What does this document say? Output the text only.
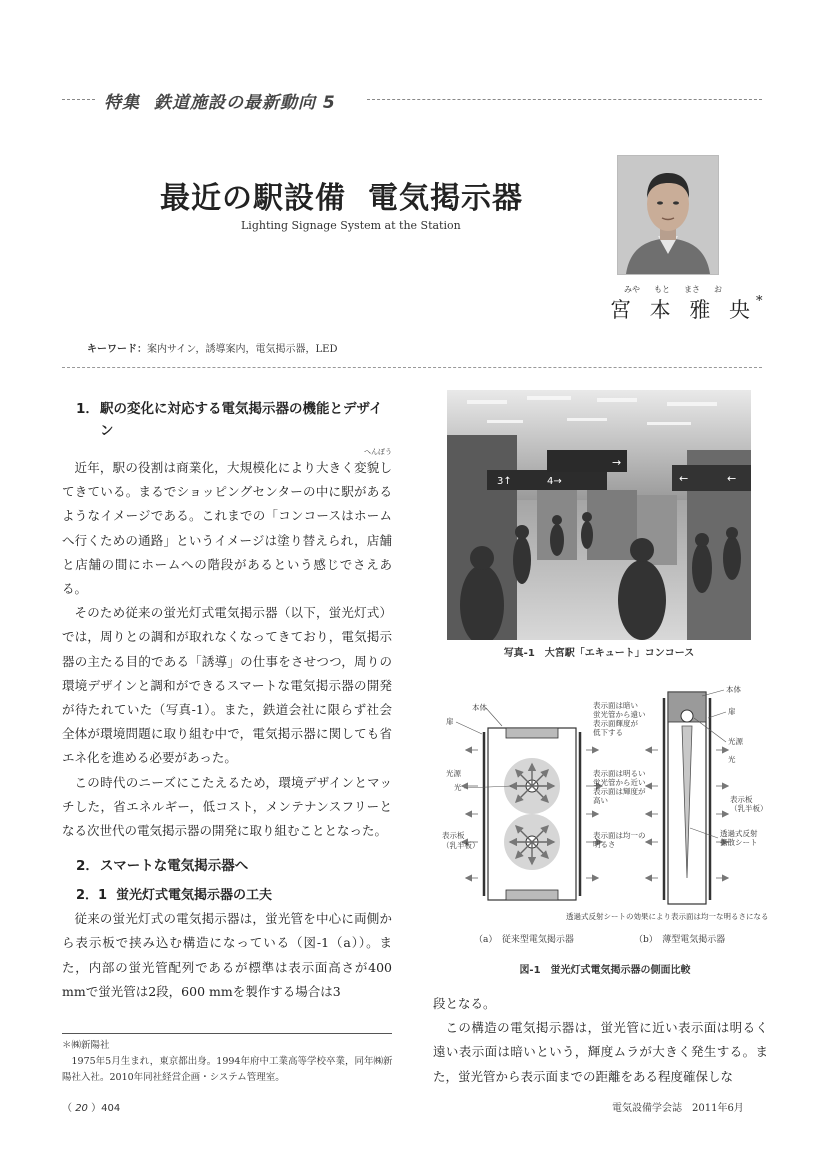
特集 鉄道施設の最新動向 5
最近の駅設備 電気掲示器
Lighting Signage System at the Station
みや もと まさ お
宮 本 雅 央*
キーワード：案内サイン，誘導案内，電気掲示器，LED
1．駅の変化に対応する電気掲示器の機能とデザイン
へんぼう

近年，駅の役割は商業化，大規模化により大きく変貌してきている。まるでショッピングセンターの中に駅があるようなイメージである。これまでの「コンコースはホームへ行くための通路」というイメージは塗り替えられ，店舗と店舗の間にホームへの階段があるという感じでさえある。

そのため従来の蛍光灯式電気掲示器（以下，蛍光灯式）では，周りとの調和が取れなくなってきており，電気掲示器の主たる目的である「誘導」の仕事をさせつつ，周りの環境デザインと調和ができるスマートな電気掲示器の開発が待たれていた（写真-1）。また，鉄道会社に限らず社会全体が環境問題に取り組む中で，電気掲示器に関しても省エネ化を進める必要があった。

この時代のニーズにこたえるため，環境デザインとマッチした，省エネルギー，低コスト，メンテナンスフリーとなる次世代の電気掲示器の開発に取り組むこととなった。

2．スマートな電気掲示器へ
2．1 蛍光灯式電気掲示器の工夫

従来の蛍光灯式の電気掲示器は，蛍光管を中心に両側から表示板で挟み込む構造になっている（図-1（a））。また，内部の蛍光管配列であるが標準は表示面高さが400 mmで蛍光管は2段，600 mmを製作する場合は3

＊㈱新陽社
1975年5月生まれ，東京都出身。1994年府中工業高等学校卒業，同年㈱新陽社入社。2010年同社経営企画・システム管理室。
（ 20 ）404	電気設備学会誌　2011年6月
3↑	4→
→
←	←
写真-1　大宮駅「エキュート」コンコース
本体
扉
光源
光
表示板
（乳半板）
表示面は暗い
蛍光管から遠い
表示面輝度が
低下する
表示面は明るい
蛍光管から近い
表示面は輝度が
高い
表示面は均一の
明るさ
本体
扉
光源
光
表示板
（乳半板）
透過式反射
拡散シート
透過式反射シートの効果により表示面は均一な明るさになる
（a）　従来型電気掲示器	（b）　薄型電気掲示器
図-1　蛍光灯式電気掲示器の側面比較

段となる。

この構造の電気掲示器は，蛍光管に近い表示面は明るく遠い表示面は暗いという，輝度ムラが大きく発生する。また，蛍光管から表示面までの距離をある程度確保しな
